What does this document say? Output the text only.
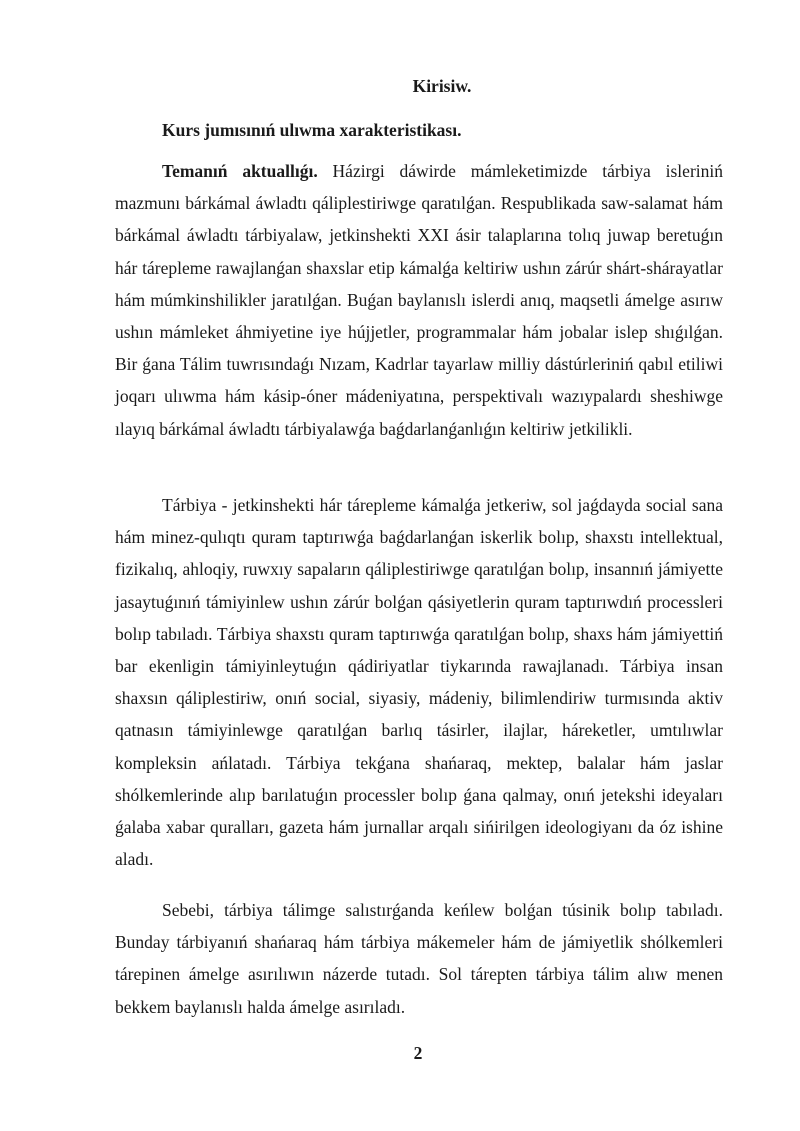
Kirisiw.
Kurs jumısınıń ulıwma xarakteristikası.

Temanıń aktuallıǵı. Házirgi dáwirde mámleketimizde tárbiya isleriniń mazmunı bárkámal áwladtı qáliplestiriwge qaratılǵan. Respublikada saw-salamat hám bárkámal áwladtı tárbiyalaw, jetkinshekti XXI ásir talaplarına tolıq juwap beretuǵın hár tárepleme rawajlanǵan shaxslar etip kámalǵa keltiriw ushın zárúr shárt-shárayatlar hám múmkinshilikler jaratılǵan. Buǵan baylanıslı islerdi anıq, maqsetli ámelge asırıw ushın mámleket áhmiyetine iye hújjetler, programmalar hám jobalar islep shıǵılǵan. Bir ǵana Tálim tuwrısındaǵı Nızam, Kadrlar tayarlaw milliy dástúrleriniń qabıl etiliwi joqarı ulıwma hám kásip-óner mádeniyatına, perspektivalı wazıypalardı sheshiwge ılayıq bárkámal áwladtı tárbiyalawǵa baǵdarlanǵanlıǵın keltiriw jetkilikli.

Tárbiya - jetkinshekti hár tárepleme kámalǵa jetkeriw, sol jaǵdayda social sana hám minez-qulıqtı quram taptırıwǵa baǵdarlanǵan iskerlik bolıp, shaxstı intellektual, fizikalıq, ahloqiy, ruwxıy sapaların qáliplestiriwge qaratılǵan bolıp, insannıń jámiyette jasaytuǵınıń támiyinlew ushın zárúr bolǵan qásiyetlerin quram taptırıwdıń processleri bolıp tabıladı. Tárbiya shaxstı quram taptırıwǵa qaratılǵan bolıp, shaxs hám jámiyettiń bar ekenligin támiyinleytuǵın qádiriyatlar tiykarında rawajlanadı. Tárbiya insan shaxsın qáliplestiriw, onıń social, siyasiy, mádeniy, bilimlendiriw turmısında aktiv qatnasın támiyinlewge qaratılǵan barlıq tásirler, ilajlar, háreketler, umtılıwlar kompleksin ańlatadı. Tárbiya tekǵana shańaraq, mektep, balalar hám jaslar shólkemlerinde alıp barılatuǵın processler bolıp ǵana qalmay, onıń jetekshi ideyaları ǵalaba xabar quralları, gazeta hám jurnallar arqalı sińirilgen ideologiyanı da óz ishine aladı.

Sebebi, tárbiya tálimge salıstırǵanda keńlew bolǵan túsinik bolıp tabıladı. Bunday tárbiyanıń shańaraq hám tárbiya mákemeler hám de jámiyetlik shólkemleri tárepinen ámelge asırılıwın názerde tutadı. Sol tárepten tárbiya tálim alıw menen bekkem baylanıslı halda ámelge asırıladı.

2
